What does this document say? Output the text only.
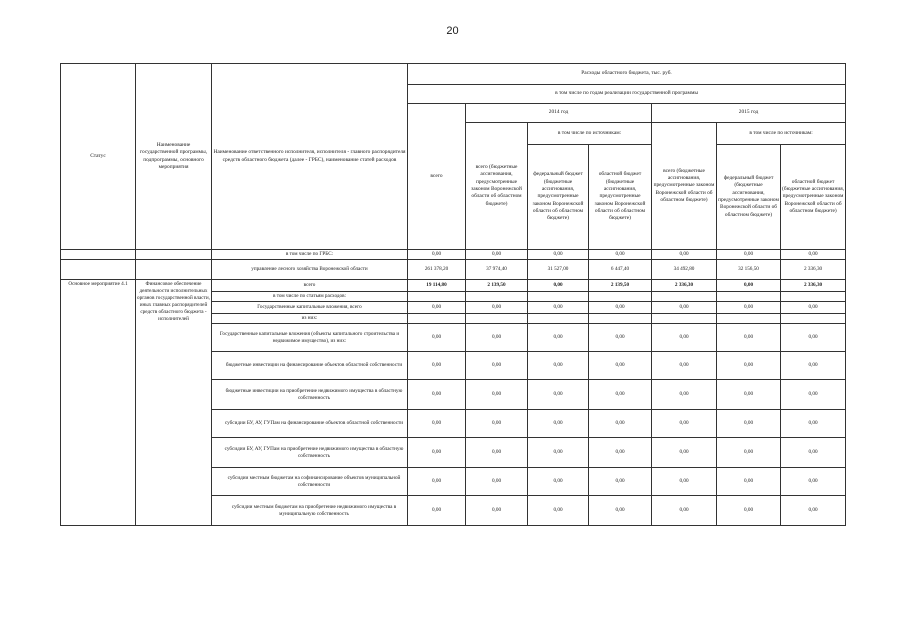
20
Статус	Наименование государственной программы, подпрограммы, основного мероприятия	Наименование ответственного исполнителя, исполнителя - главного распорядителя средств областного бюджета (далее - ГРБС), наименование статей расходов	Расходы областного бюджета, тыс. руб.						
			в том числе по годам реализации государственной программы						
			всего	2014 год			2015 год		
				всего (бюджетные ассигнования, предусмотренные законом Воронежской области об областном бюджете)	в том числе по источникам:		всего (бюджетные ассигнования, предусмотренные законом Воронежской области об областном бюджете)	в том числе по источникам:	
					федеральный бюджет (бюджетные ассигнования, предусмотренные законом Воронежской области об областном бюджете)	областной бюджет (бюджетные ассигнования, предусмотренные законом Воронежской области об областном бюджете)		федеральный бюджет (бюджетные ассигнования, предусмотренные законом Воронежской области об областном бюджете)	областной бюджет (бюджетные ассигнования, предусмотренные законом Воронежской области об областном бюджете)
		в том числе по ГРБС:	0,00	0,00	0,00	0,00	0,00	0,00	0,00
		управление лесного хозяйства Воронежской области	261 378,20	37 974,40	31 527,00	6 447,40	34 492,80	32 156,50	2 336,30
Основное мероприятие 4.1	Финансовое обеспечение деятельности исполнительных органов государственной власти, иных главных распорядителей средств областного бюджета - исполнителей	всего	19 114,80	2 139,50	0,00	2 139,50	2 336,30	0,00	2 336,30
		в том числе по статьям расходов:							
		Государственные капитальные вложения, всего	0,00	0,00	0,00	0,00	0,00	0,00	0,00
		из них:							
		Государственные капитальные вложения (объекты капитального строительства и недвижимое имущество), из них:	0,00	0,00	0,00	0,00	0,00	0,00	0,00
		бюджетные инвестиции на финансирование объектов областной собственности	0,00	0,00	0,00	0,00	0,00	0,00	0,00
		бюджетные инвестиции на приобретение недвижимого имущества в областную собственность	0,00	0,00	0,00	0,00	0,00	0,00	0,00
		субсидии БУ, АУ, ГУПам на финансирование объектов областной собственности	0,00	0,00	0,00	0,00	0,00	0,00	0,00
		субсидии БУ, АУ, ГУПам на приобретение недвижимого имущества в областную собственность	0,00	0,00	0,00	0,00	0,00	0,00	0,00
		субсидии местным бюджетам на софинансирование объектов муниципальной собственности	0,00	0,00	0,00	0,00	0,00	0,00	0,00
		субсидии местным бюджетам на приобретение недвижимого имущества в муниципальную собственность	0,00	0,00	0,00	0,00	0,00	0,00	0,00
